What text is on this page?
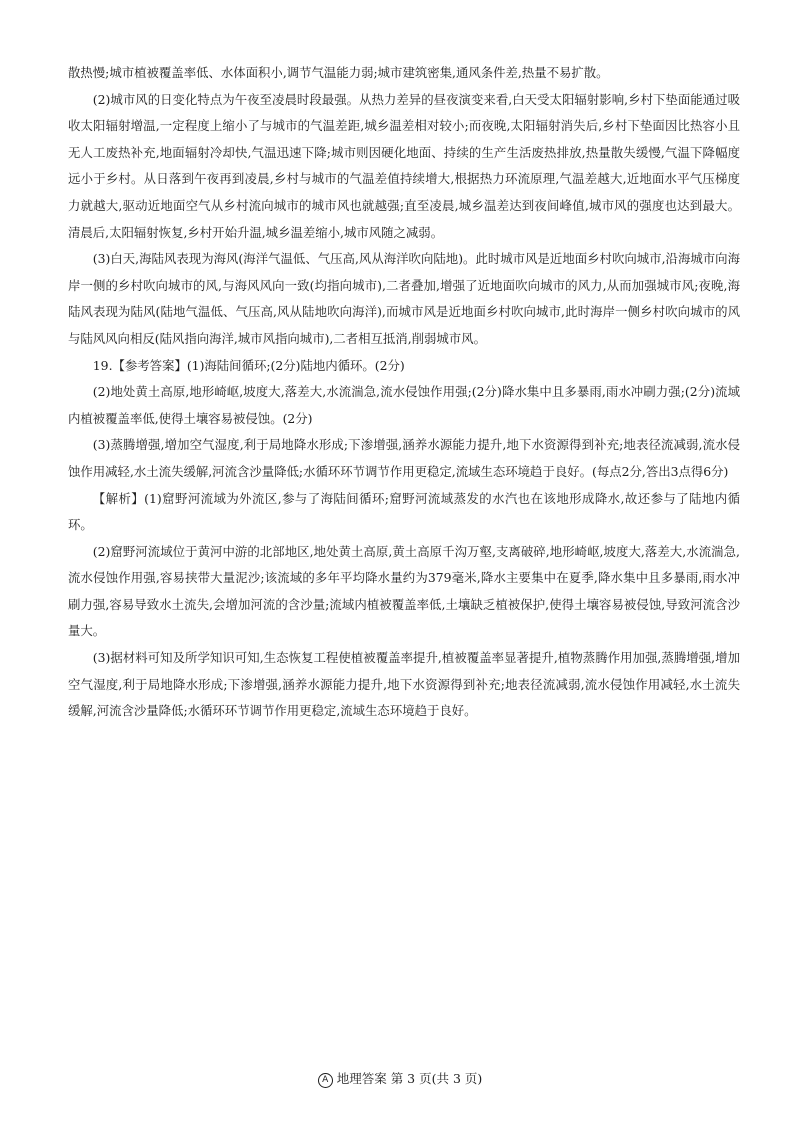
散热慢;城市植被覆盖率低、水体面积小,调节气温能力弱;城市建筑密集,通风条件差,热量不易扩散。

(2)城市风的日变化特点为午夜至凌晨时段最强。从热力差异的昼夜演变来看,白天受太阳辐射影响,乡村下垫面能通过吸收太阳辐射增温,一定程度上缩小了与城市的气温差距,城乡温差相对较小;而夜晚,太阳辐射消失后,乡村下垫面因比热容小且无人工废热补充,地面辐射冷却快,气温迅速下降;城市则因硬化地面、持续的生产生活废热排放,热量散失缓慢,气温下降幅度远小于乡村。从日落到午夜再到凌晨,乡村与城市的气温差值持续增大,根据热力环流原理,气温差越大,近地面水平气压梯度力就越大,驱动近地面空气从乡村流向城市的城市风也就越强;直至凌晨,城乡温差达到夜间峰值,城市风的强度也达到最大。清晨后,太阳辐射恢复,乡村开始升温,城乡温差缩小,城市风随之减弱。

(3)白天,海陆风表现为海风(海洋气温低、气压高,风从海洋吹向陆地)。此时城市风是近地面乡村吹向城市,沿海城市向海岸一侧的乡村吹向城市的风,与海风风向一致(均指向城市),二者叠加,增强了近地面吹向城市的风力,从而加强城市风;夜晚,海陆风表现为陆风(陆地气温低、气压高,风从陆地吹向海洋),而城市风是近地面乡村吹向城市,此时海岸一侧乡村吹向城市的风与陆风风向相反(陆风指向海洋,城市风指向城市),二者相互抵消,削弱城市风。

19.【参考答案】(1)海陆间循环;(2分)陆地内循环。(2分)

(2)地处黄土高原,地形崎岖,坡度大,落差大,水流湍急,流水侵蚀作用强;(2分)降水集中且多暴雨,雨水冲刷力强;(2分)流域内植被覆盖率低,使得土壤容易被侵蚀。(2分)

(3)蒸腾增强,增加空气湿度,利于局地降水形成;下渗增强,涵养水源能力提升,地下水资源得到补充;地表径流减弱,流水侵蚀作用减轻,水土流失缓解,河流含沙量降低;水循环环节调节作用更稳定,流域生态环境趋于良好。(每点2分,答出3点得6分)

【解析】(1)窟野河流域为外流区,参与了海陆间循环;窟野河流域蒸发的水汽也在该地形成降水,故还参与了陆地内循环。

(2)窟野河流域位于黄河中游的北部地区,地处黄土高原,黄土高原千沟万壑,支离破碎,地形崎岖,坡度大,落差大,水流湍急,流水侵蚀作用强,容易挟带大量泥沙;该流域的多年平均降水量约为379毫米,降水主要集中在夏季,降水集中且多暴雨,雨水冲刷力强,容易导致水土流失,会增加河流的含沙量;流域内植被覆盖率低,土壤缺乏植被保护,使得土壤容易被侵蚀,导致河流含沙量大。

(3)据材料可知及所学知识可知,生态恢复工程使植被覆盖率提升,植被覆盖率显著提升,植物蒸腾作用加强,蒸腾增强,增加空气湿度,利于局地降水形成;下渗增强,涵养水源能力提升,地下水资源得到补充;地表径流减弱,流水侵蚀作用减轻,水土流失缓解,河流含沙量降低;水循环环节调节作用更稳定,流域生态环境趋于良好。

A 地理答案 第 3 页(共 3 页)
